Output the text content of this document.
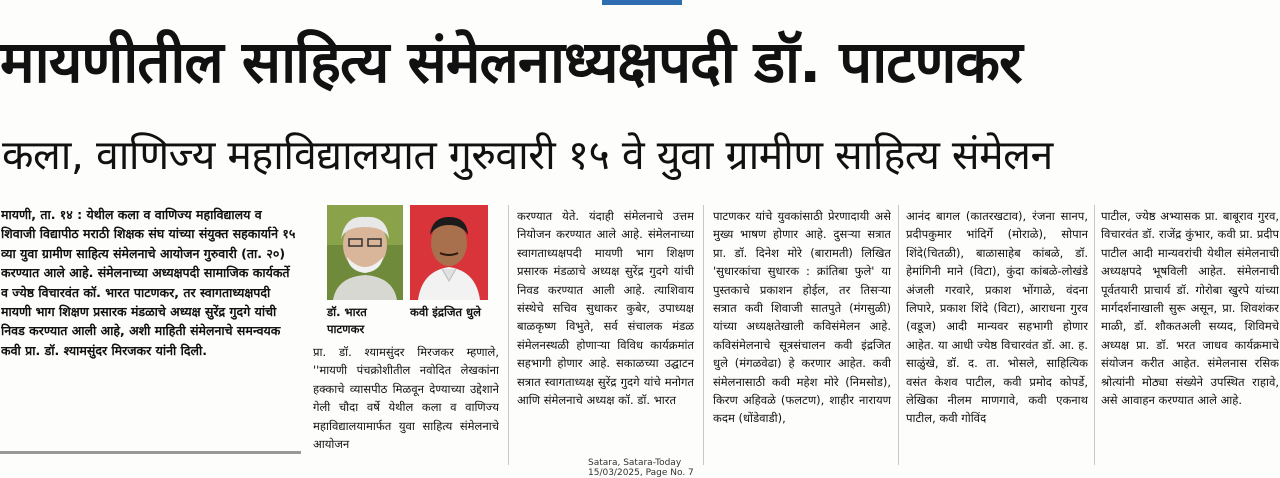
मायणीतील साहित्य संमेलनाध्यक्षपदी डॉ. पाटणकर
कला, वाणिज्य महाविद्यालयात गुरुवारी १५ वे युवा ग्रामीण साहित्य संमेलन

मायणी, ता. १४ : येथील कला व वाणिज्य महाविद्यालय व शिवाजी विद्यापीठ मराठी शिक्षक संघ यांच्या संयुक्त सहकार्याने १५ व्या युवा ग्रामीण साहित्य संमेलनाचे आयोजन गुरुवारी (ता. २०) करण्यात आले आहे. संमेलनाच्या अध्यक्षपदी सामाजिक कार्यकर्ते व ज्येष्ठ विचारवंत कॉ. भारत पाटणकर, तर स्वागताध्यक्षपदी मायणी भाग शिक्षण प्रसारक मंडळाचे अध्यक्ष सुरेंद्र गुदगे यांची निवड करण्यात आली आहे, अशी माहिती संमेलनाचे समन्वयक कवी प्रा. डॉ. श्यामसुंदर मिरजकर यांनी दिली.

डॉ. भारत पाटणकर
कवी इंद्रजित धुले

प्रा. डॉ. श्यामसुंदर मिरजकर म्हणाले, ''मायणी पंचक्रोशीतील नवोदित लेखकांना हक्काचे व्यासपीठ मिळवून देण्याच्या उद्देशाने गेली चौदा वर्षे येथील कला व वाणिज्य महाविद्यालयामार्फत युवा साहित्य संमेलनाचे आयोजन

करण्यात येते. यंदाही संमेलनाचे उत्तम नियोजन करण्यात आले आहे. संमेलनाच्या स्वागताध्यक्षपदी मायणी भाग शिक्षण प्रसारक मंडळाचे अध्यक्ष सुरेंद्र गुदगे यांची निवड करण्यात आली आहे. त्याशिवाय संस्थेचे सचिव सुधाकर कुबेर, उपाध्यक्ष बाळकृष्ण विभुते, सर्व संचालक मंडळ संमेलनस्थळी होणाऱ्या विविध कार्यक्रमांत सहभागी होणार आहे. सकाळच्या उद्घाटन सत्रात स्वागताध्यक्ष सुरेंद्र गुदगे यांचे मनोगत आणि संमेलनाचे अध्यक्ष कॉ. डॉ. भारत

पाटणकर यांचे युवकांसाठी प्रेरणादायी असे मुख्य भाषण होणार आहे. दुसऱ्या सत्रात प्रा. डॉ. दिनेश मोरे (बारामती) लिखित 'सुधारकांचा सुधारक : क्रांतिबा फुले' या पुस्तकाचे प्रकाशन होईल, तर तिसऱ्या सत्रात कवी शिवाजी सातपुते (मंगसुळी) यांच्या अध्यक्षतेखाली कविसंमेलन आहे. कविसंमेलनाचे सूत्रसंचालन कवी इंद्रजित धुले (मंगळवेढा) हे करणार आहेत. कवी संमेलनासाठी कवी महेश मोरे (निमसोड), किरण अहिवळे (फलटण), शाहीर नारायण कदम (धोंडेवाडी),

आनंद बागल (कातरखटाव), रंजना सानप, प्रदीपकुमार भांदिर्गे (मोराळे), सोपान शिंदे(चितळी), बाळासाहेब कांबळे, डॉ. हेमांगिनी माने (विटा), कुंदा कांबळे-लोखंडे अंजली गरवारे, प्रकाश भोंगाळे, वंदना लिपारे, प्रकाश शिंदे (विटा), आराधना गुरव (वडूज) आदी मान्यवर सहभागी होणार आहेत. या आधी ज्येष्ठ विचारवंत डॉ. आ. ह. साळुंखे, डॉ. द. ता. भोसले, साहित्यिक वसंत केशव पाटील, कवी प्रमोद कोपर्डे, लेखिका नीलम माणगावे, कवी एकनाथ पाटील, कवी गोविंद

पाटील, ज्येष्ठ अभ्यासक प्रा. बाबूराव गुरव, विचारवंत डॉ. राजेंद्र कुंभार, कवी प्रा. प्रदीप पाटील आदी मान्यवरांची येथील संमेलनाची अध्यक्षपदे भूषविली आहेत. संमेलनाची पूर्वतयारी प्राचार्य डॉ. गोरोबा खुरपे यांच्या मार्गदर्शनाखाली सुरू असून, प्रा. शिवशंकर माळी, डॉ. शौकतअली सय्यद, शिविमचे अध्यक्ष प्रा. डॉ. भरत जाधव कार्यक्रमाचे संयोजन करीत आहेत. संमेलनास रसिक श्रोत्यांनी मोठ्या संख्येने उपस्थित राहावे, असे आवाहन करण्यात आले आहे.

Satara, Satara-Today
15/03/2025, Page No. 7
